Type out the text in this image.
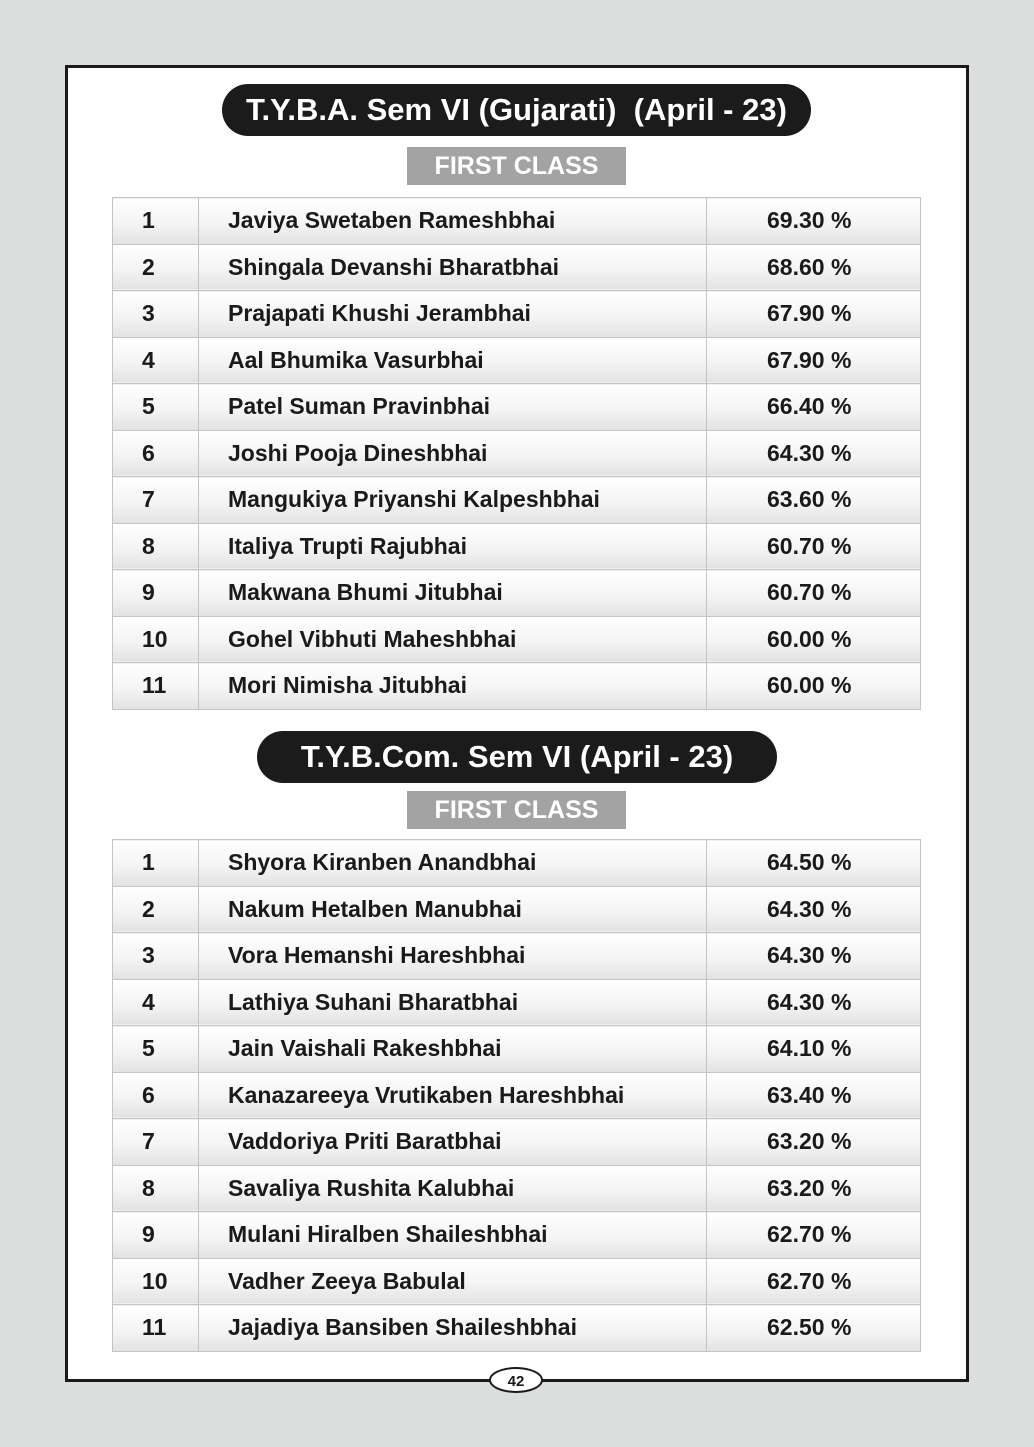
T.Y.B.A. Sem VI (Gujarati)  (April - 23)
FIRST CLASS
1	Javiya Swetaben Rameshbhai	69.30 %
2	Shingala Devanshi Bharatbhai	68.60 %
3	Prajapati Khushi Jerambhai	67.90 %
4	Aal Bhumika Vasurbhai	67.90 %
5	Patel Suman Pravinbhai	66.40 %
6	Joshi Pooja Dineshbhai	64.30 %
7	Mangukiya Priyanshi Kalpeshbhai	63.60 %
8	Italiya Trupti Rajubhai	60.70 %
9	Makwana Bhumi Jitubhai	60.70 %
10	Gohel Vibhuti Maheshbhai	60.00 %
11	Mori Nimisha Jitubhai	60.00 %
T.Y.B.Com. Sem VI (April - 23)
FIRST CLASS
1	Shyora Kiranben Anandbhai	64.50 %
2	Nakum Hetalben Manubhai	64.30 %
3	Vora Hemanshi Hareshbhai	64.30 %
4	Lathiya Suhani Bharatbhai	64.30 %
5	Jain Vaishali Rakeshbhai	64.10 %
6	Kanazareeya Vrutikaben Hareshbhai	63.40 %
7	Vaddoriya Priti Baratbhai	63.20 %
8	Savaliya Rushita Kalubhai	63.20 %
9	Mulani Hiralben Shaileshbhai	62.70 %
10	Vadher Zeeya Babulal	62.70 %
11	Jajadiya Bansiben Shaileshbhai	62.50 %
42
